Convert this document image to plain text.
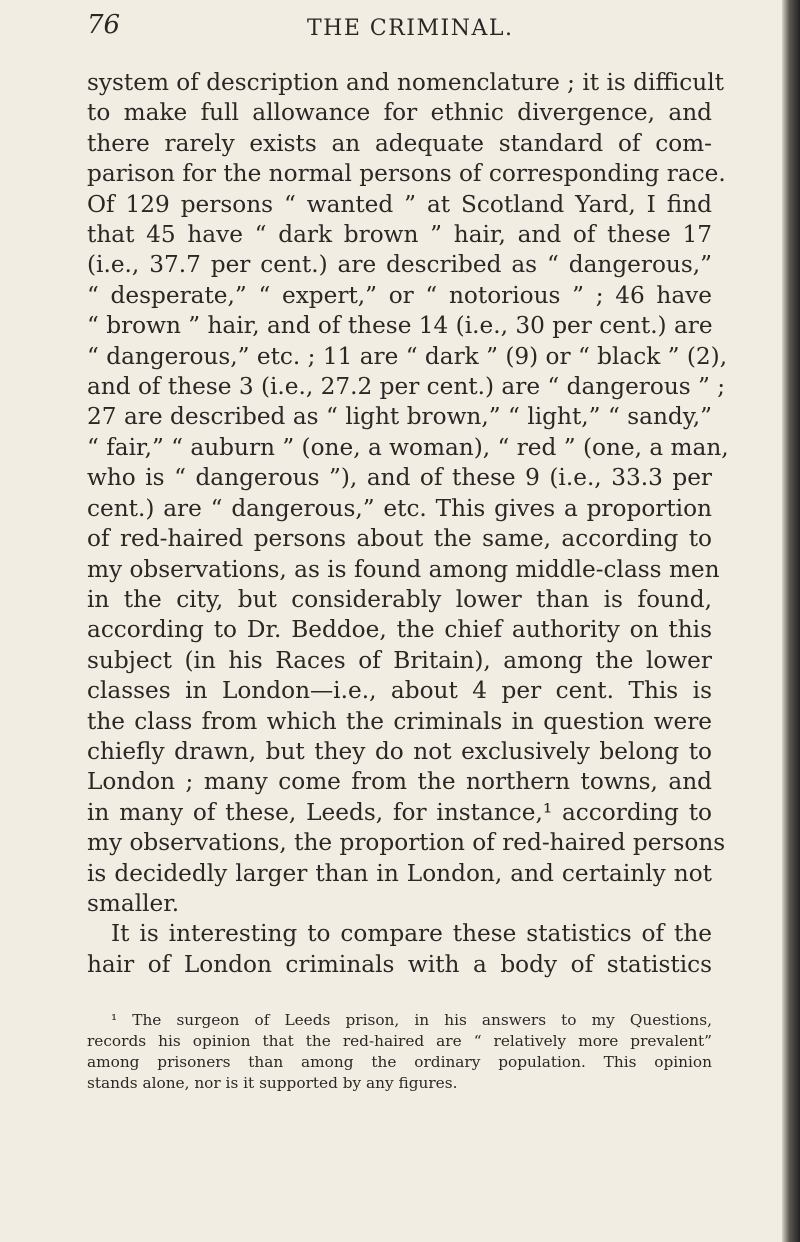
76	THE CRIMINAL.
system of description and nomenclature ; it is difficult
to make full allowance for ethnic divergence, and
there rarely exists an adequate standard of com-
parison for the normal persons of corresponding race.
Of 129 persons “ wanted ” at Scotland Yard, I find
that 45 have “ dark brown ” hair, and of these 17
(i.e., 37.7 per cent.) are described as “ dangerous,”
“ desperate,” “ expert,” or “ notorious ” ; 46 have
“ brown ” hair, and of these 14 (i.e., 30 per cent.) are
“ dangerous,” etc. ; 11 are “ dark ” (9) or “ black ” (2),
and of these 3 (i.e., 27.2 per cent.) are “ dangerous ” ;
27 are described as “ light brown,” “ light,” “ sandy,”
“ fair,” “ auburn ” (one, a woman), “ red ” (one, a man,
who is “ dangerous ”), and of these 9 (i.e., 33.3 per
cent.) are “ dangerous,” etc. This gives a proportion
of red-haired persons about the same, according to
my observations, as is found among middle-class men
in the city, but considerably lower than is found,
according to Dr. Beddoe, the chief authority on this
subject (in his Races of Britain), among the lower
classes in London—i.e., about 4 per cent. This is
the class from which the criminals in question were
chiefly drawn, but they do not exclusively belong to
London ; many come from the northern towns, and
in many of these, Leeds, for instance,¹ according to
my observations, the proportion of red-haired persons
is decidedly larger than in London, and certainly not
smaller.
It is interesting to compare these statistics of the
hair of London criminals with a body of statistics
¹ The surgeon of Leeds prison, in his answers to my Questions,
records his opinion that the red-haired are “ relatively more prevalent”
among prisoners than among the ordinary population. This opinion
stands alone, nor is it supported by any figures.
